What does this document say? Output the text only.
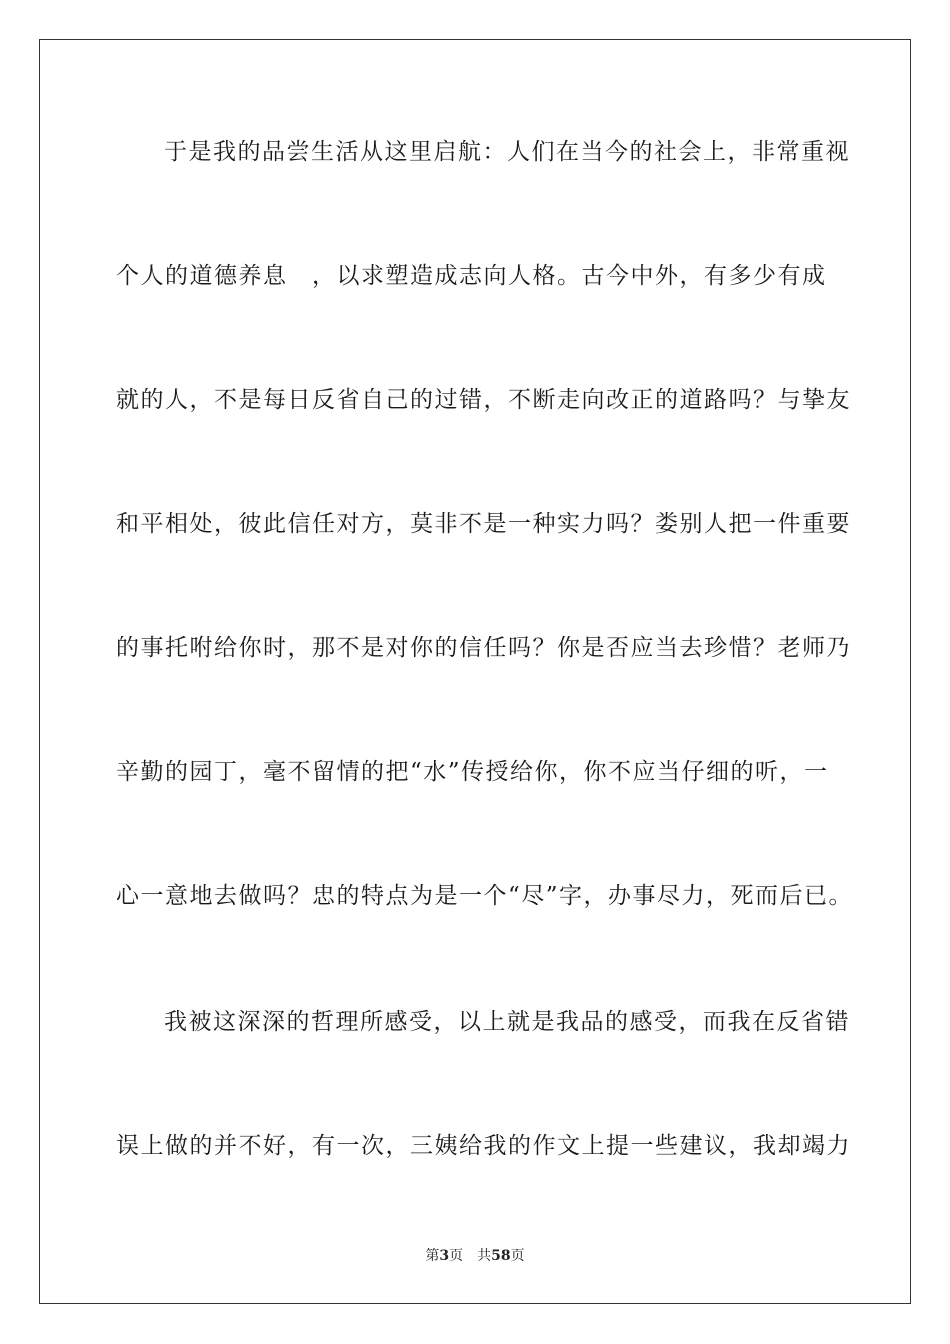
于是我的品尝生活从这里启航：人们在当今的社会上，非常重视
个人的道德养息　，以求塑造成志向人格。古今中外，有多少有成
就的人，不是每日反省自己的过错，不断走向改正的道路吗？与挚友
和平相处，彼此信任对方，莫非不是一种实力吗？娄别人把一件重要
的事托咐给你时，那不是对你的信任吗？你是否应当去珍惜？老师乃
辛勤的园丁，毫不留情的把“水”传授给你，你不应当仔细的听，一
心一意地去做吗？忠的特点为是一个“尽”字，办事尽力，死而后已。
我被这深深的哲理所感受，以上就是我品的感受，而我在反省错
误上做的并不好，有一次，三姨给我的作文上提一些建议，我却竭力
第3页 共58页
